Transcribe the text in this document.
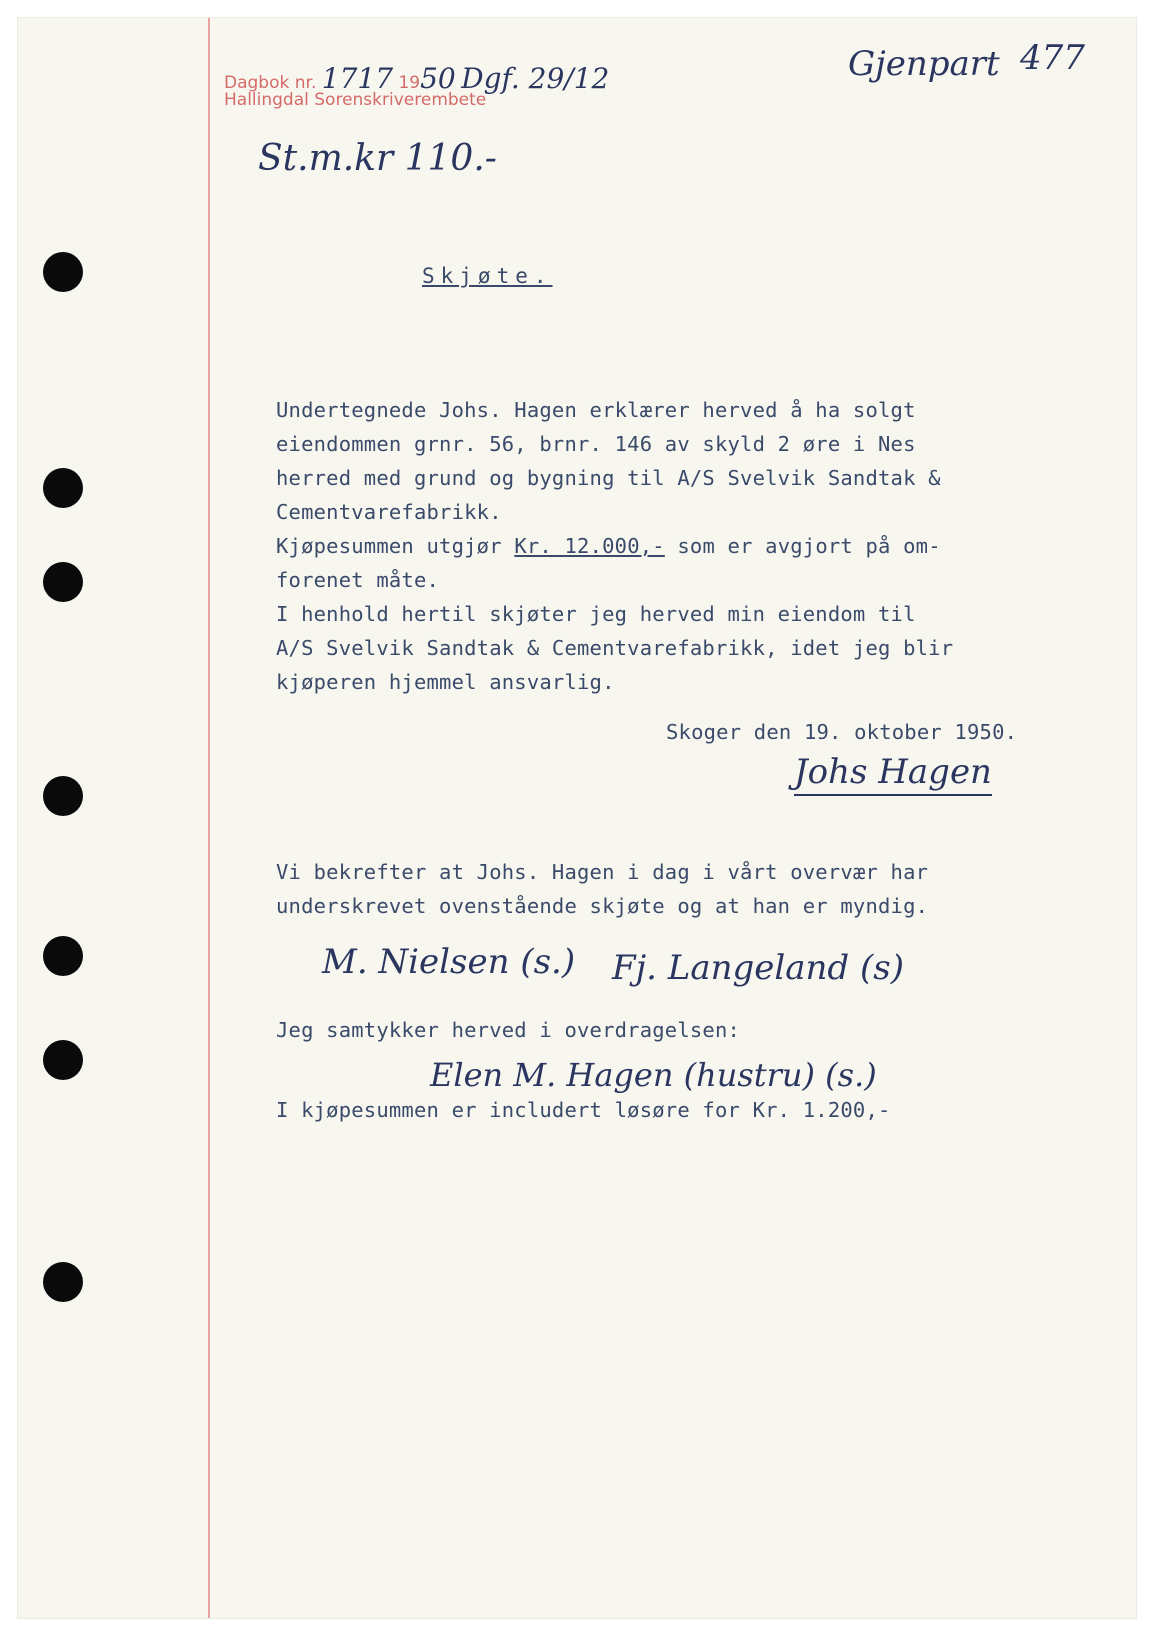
Dagbok nr. 1717 1950 Dgf. 29/12
Hallingdal Sorenskriverembete
Gjenpart 477
St.m.kr 110.-
Skjøte.
Undertegnede Johs. Hagen erklærer herved å ha solgt
eiendommen grnr. 56, brnr. 146 av skyld 2 øre i Nes
herred med grund og bygning til A/S Svelvik Sandtak &
Cementvarefabrikk.
Kjøpesummen utgjør Kr. 12.000,- som er avgjort på om-
forenet måte.
I henhold hertil skjøter jeg herved min eiendom til
A/S Svelvik Sandtak & Cementvarefabrikk, idet jeg blir
kjøperen hjemmel ansvarlig.
Skoger den 19. oktober 1950.
Johs Hagen
Vi bekrefter at Johs. Hagen i dag i vårt overvær har
underskrevet ovenstående skjøte og at han er myndig.
M. Nielsen (s.) Fj. Langeland (s)
Jeg samtykker herved i overdragelsen:
Elen M. Hagen (hustru) (s.)
I kjøpesummen er includert løsøre for Kr. 1.200,-
